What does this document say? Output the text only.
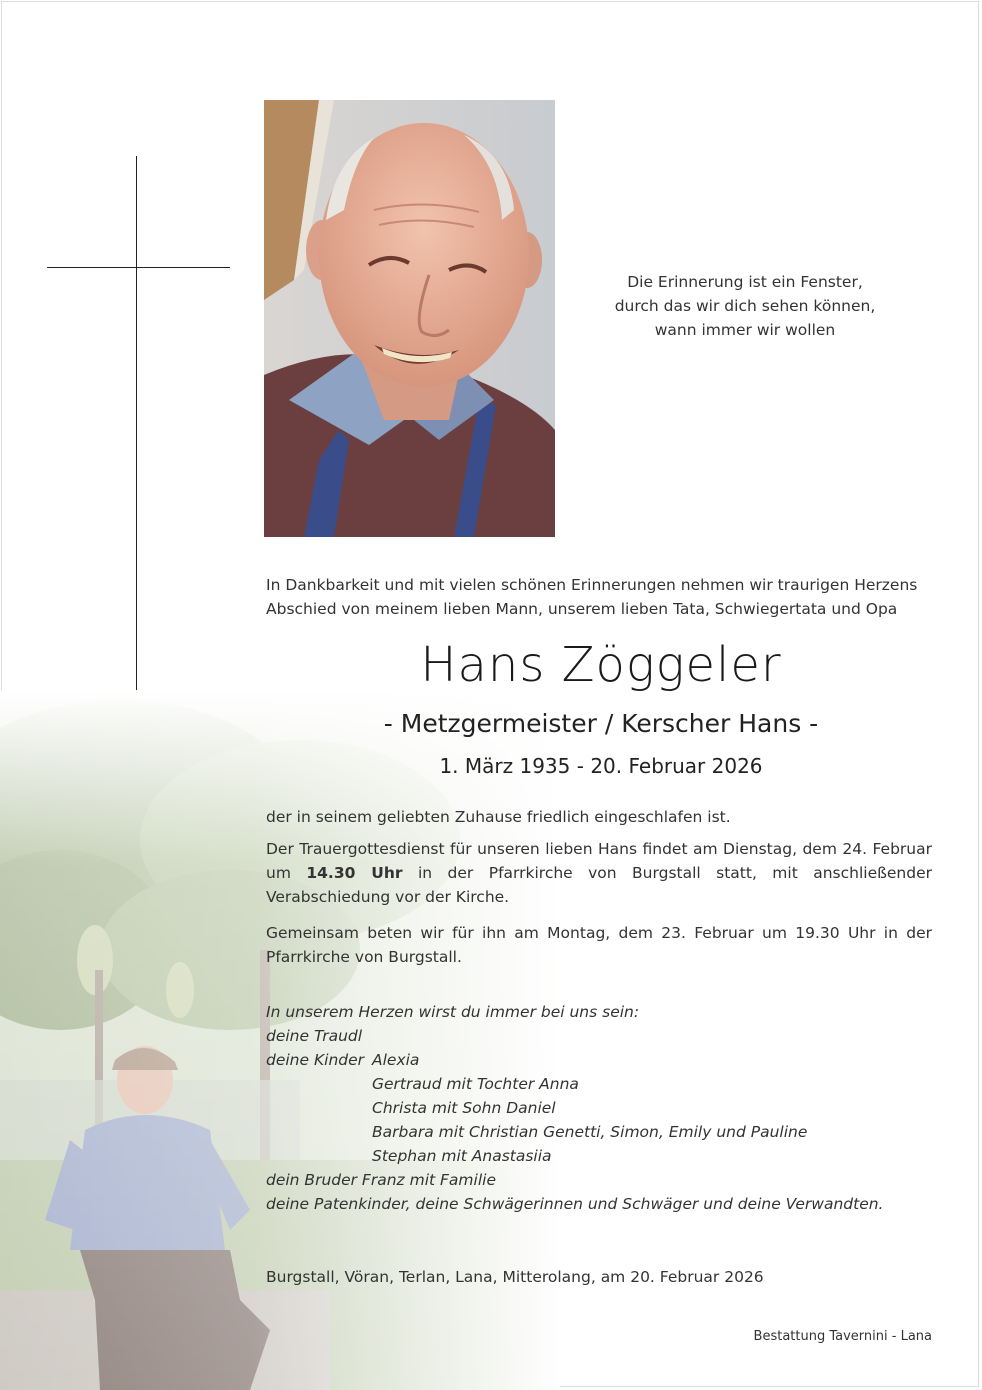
Die Erinnerung ist ein Fenster,
durch das wir dich sehen können,
wann immer wir wollen
In Dankbarkeit und mit vielen schönen Erinnerungen nehmen wir traurigen Herzens
Abschied von meinem lieben Mann, unserem lieben Tata, Schwiegertata und Opa
Hans Zöggeler
- Metzgermeister / Kerscher Hans -
1. März 1935 - 20. Februar 2026
der in seinem geliebten Zuhause friedlich eingeschlafen ist.
Der Trauergottesdienst für unseren lieben Hans findet am Dienstag, dem 24. Februar um 14.30 Uhr in der Pfarrkirche von Burgstall statt, mit anschließender Verabschiedung vor der Kirche.
Gemeinsam beten wir für ihn am Montag, dem 23. Februar um 19.30 Uhr in der Pfarrkirche von Burgstall.
In unserem Herzen wirst du immer bei uns sein:
deine Traudl
deine Kinder Alexia
Gertraud mit Tochter Anna
Christa mit Sohn Daniel
Barbara mit Christian Genetti, Simon, Emily und Pauline
Stephan mit Anastasiia
dein Bruder Franz mit Familie
deine Patenkinder, deine Schwägerinnen und Schwäger und deine Verwandten.
Burgstall, Vöran, Terlan, Lana, Mitterolang, am 20. Februar 2026
Bestattung Tavernini - Lana
